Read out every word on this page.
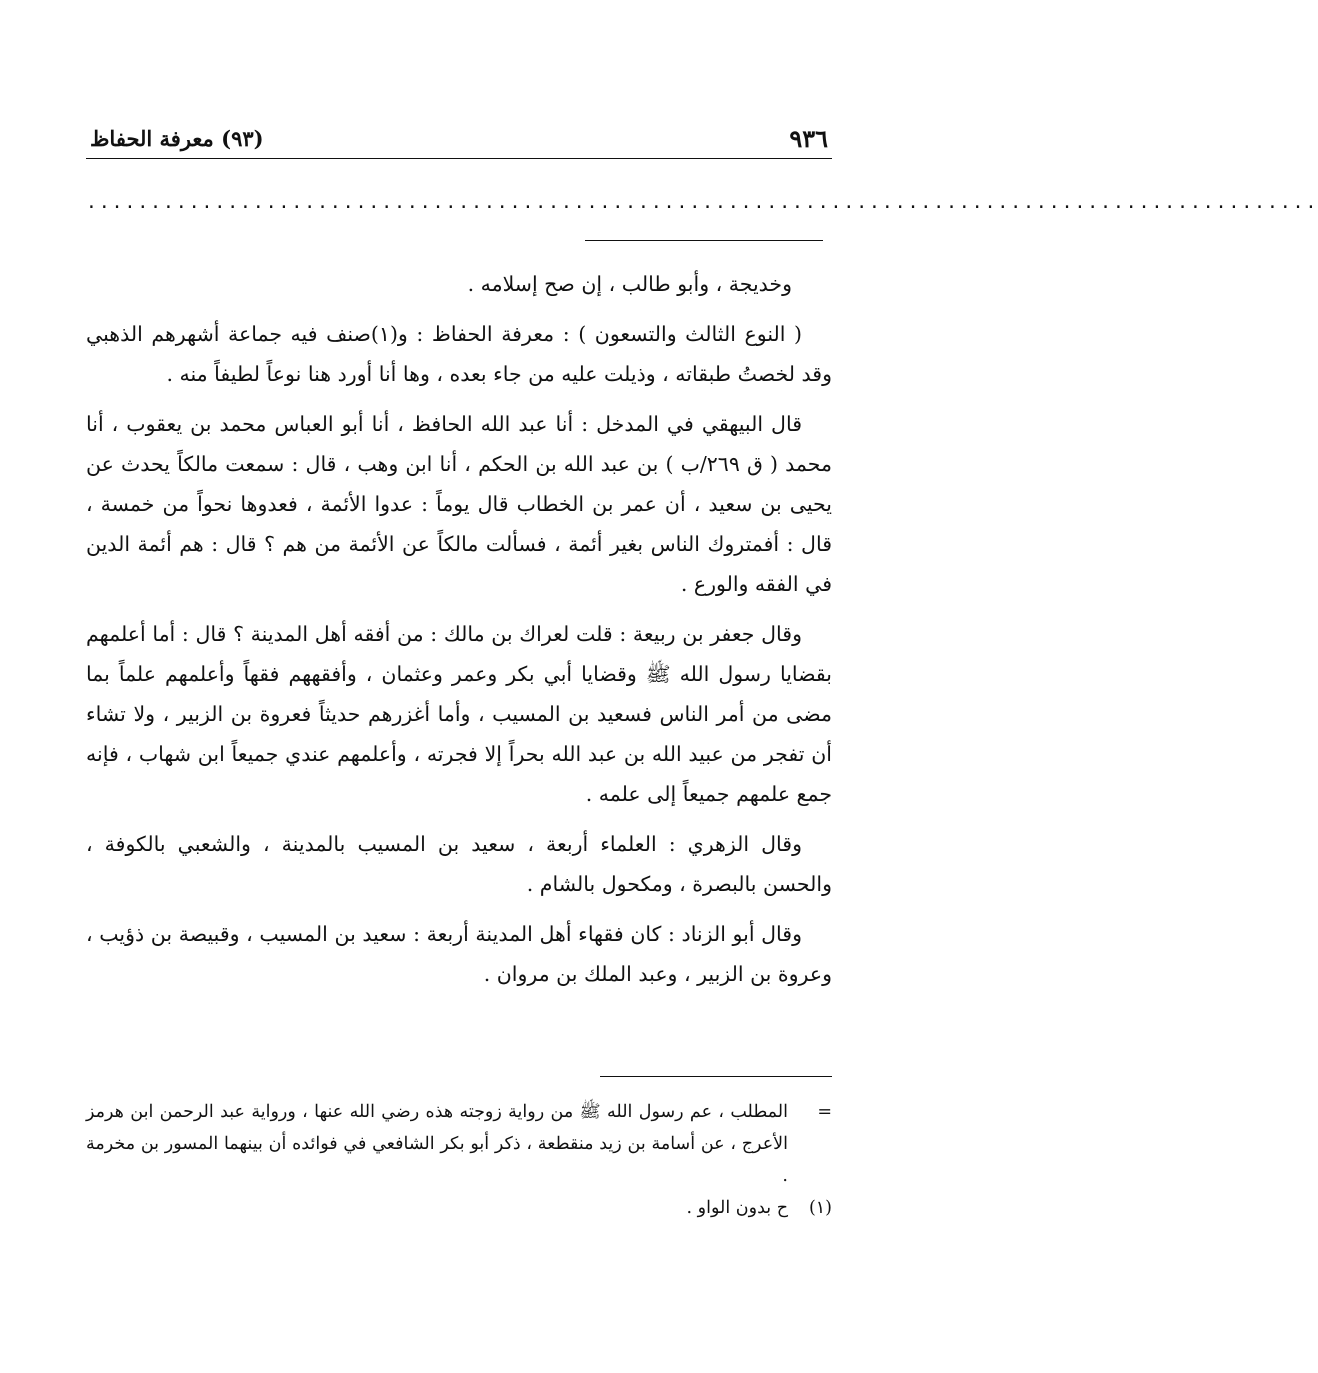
٩٣٦
(٩٣) معرفة الحفاظ
................................................................................................

وخديجة ، وأبو طالب ، إن صح إسلامه .

( النوع الثالث والتسعون ) : معرفة الحفاظ : و(١)صنف فيه جماعة أشهرهم الذهبي وقد لخصتُ طبقاته ، وذيلت عليه من جاء بعده ، وها أنا أورد هنا نوعاً لطيفاً منه .

قال البيهقي في المدخل : أنا عبد الله الحافظ ، أنا أبو العباس محمد بن يعقوب ، أنا محمد ( ق ٢٦٩/ب ) بن عبد الله بن الحكم ، أنا ابن وهب ، قال : سمعت مالكاً يحدث عن يحيى بن سعيد ، أن عمر بن الخطاب قال يوماً : عدوا الأئمة ، فعدوها نحواً من خمسة ، قال : أفمتروك الناس بغير أئمة ، فسألت مالكاً عن الأئمة من هم ؟ قال : هم أئمة الدين في الفقه والورع .

وقال جعفر بن ربيعة : قلت لعراك بن مالك : من أفقه أهل المدينة ؟ قال : أما أعلمهم بقضايا رسول الله ﷺ وقضايا أبي بكر وعمر وعثمان ، وأفقههم فقهاً وأعلمهم علماً بما مضى من أمر الناس فسعيد بن المسيب ، وأما أغزرهم حديثاً فعروة بن الزبير ، ولا تشاء أن تفجر من عبيد الله بن عبد الله بحراً إلا فجرته ، وأعلمهم عندي جميعاً ابن شهاب ، فإنه جمع علمهم جميعاً إلى علمه .

وقال الزهري : العلماء أربعة ، سعيد بن المسيب بالمدينة ، والشعبي بالكوفة ، والحسن بالبصرة ، ومكحول بالشام .

وقال أبو الزناد : كان فقهاء أهل المدينة أربعة : سعيد بن المسيب ، وقبيصة بن ذؤيب ، وعروة بن الزبير ، وعبد الملك بن مروان .

=
المطلب ، عم رسول الله ﷺ من رواية زوجته هذه رضي الله عنها ، ورواية عبد الرحمن ابن هرمز الأعرج ، عن أسامة بن زيد منقطعة ، ذكر أبو بكر الشافعي في فوائده أن بينهما المسور بن مخرمة .
(١)
ح بدون الواو .
